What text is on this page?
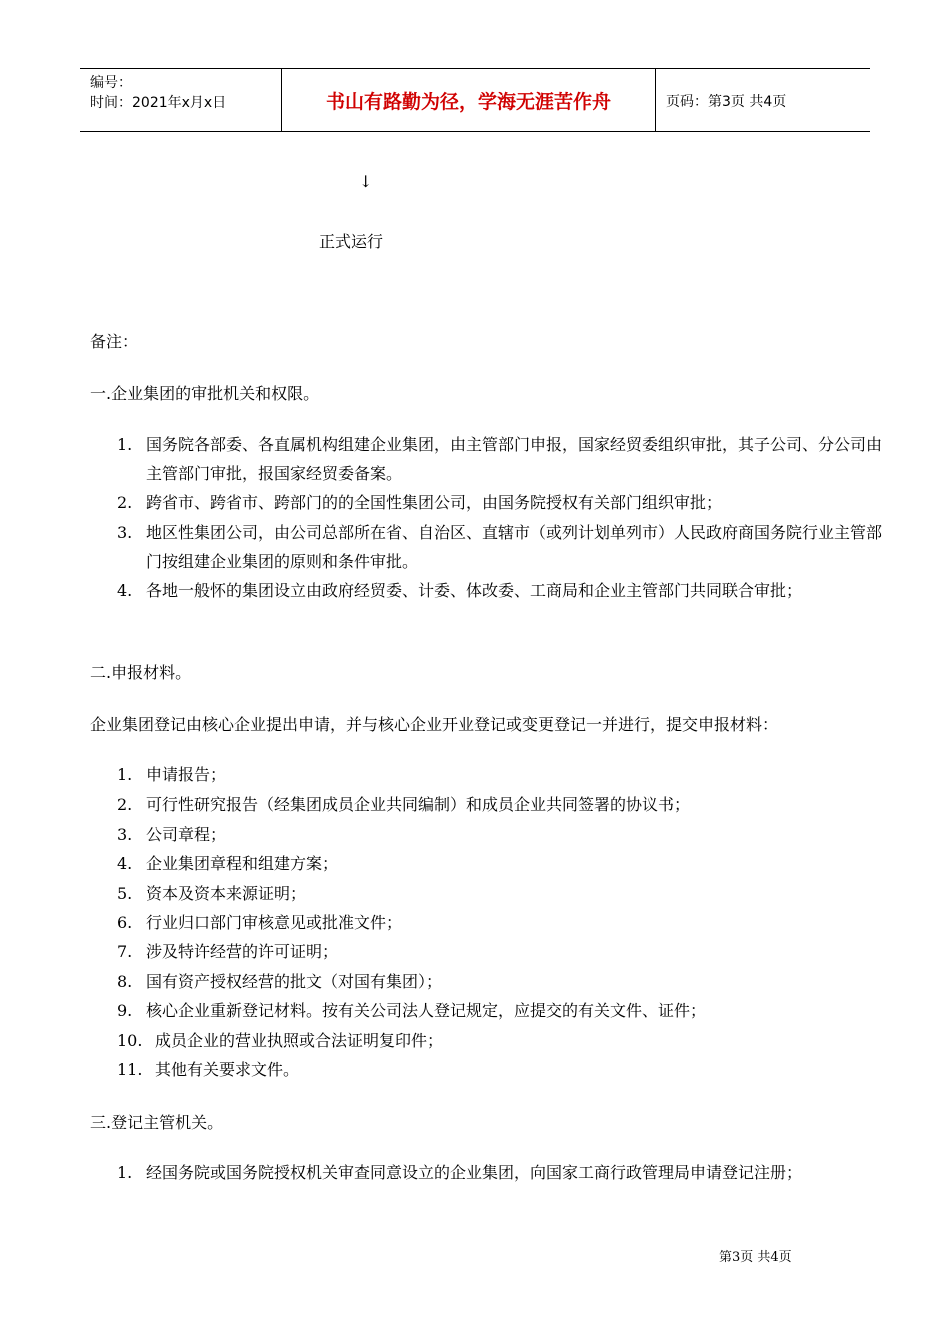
编号：
时间：2021年x月x日	书山有路勤为径，学海无涯苦作舟	页码：第3页 共4页
↓
正式运行
备注：
一.企业集团的审批机关和权限。
1. 国务院各部委、各直属机构组建企业集团，由主管部门申报，国家经贸委组织审批，其子公司、分公司由主管部门审批，报国家经贸委备案。
2. 跨省市、跨省市、跨部门的的全国性集团公司，由国务院授权有关部门组织审批；
3. 地区性集团公司，由公司总部所在省、自治区、直辖市（或列计划单列市）人民政府商国务院行业主管部门按组建企业集团的原则和条件审批。
4. 各地一般怀的集团设立由政府经贸委、计委、体改委、工商局和企业主管部门共同联合审批；
二.申报材料。
企业集团登记由核心企业提出申请，并与核心企业开业登记或变更登记一并进行，提交申报材料：
1. 申请报告；
2. 可行性研究报告（经集团成员企业共同编制）和成员企业共同签署的协议书；
3. 公司章程；
4. 企业集团章程和组建方案；
5. 资本及资本来源证明；
6. 行业归口部门审核意见或批准文件；
7. 涉及特许经营的许可证明；
8. 国有资产授权经营的批文（对国有集团）；
9. 核心企业重新登记材料。按有关公司法人登记规定，应提交的有关文件、证件；
10. 成员企业的营业执照或合法证明复印件；
11. 其他有关要求文件。
三.登记主管机关。
1. 经国务院或国务院授权机关审查同意设立的企业集团，向国家工商行政管理局申请登记注册；
第3页 共4页
